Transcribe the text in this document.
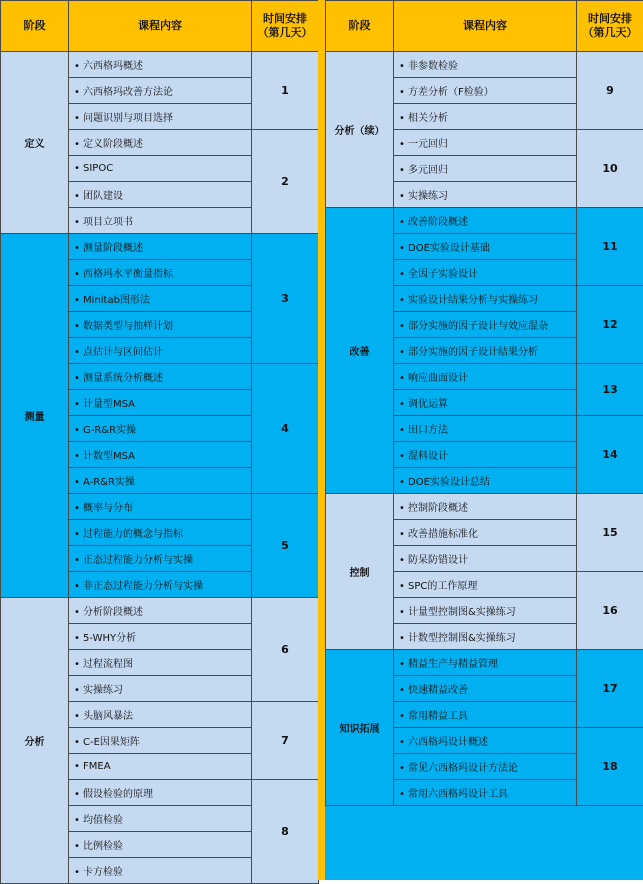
阶段	课程内容	时间安排
（第几天）

定义	• 六西格玛概述	1
	• 六西格玛改善方法论	
	• 问题识别与项目选择	
	• 定义阶段概述	2
	• SIPOC	
	• 团队建设	
	• 项目立项书	
测量	• 测量阶段概述	3
	• 西格玛水平衡量指标	
	• Minitab图形法	
	• 数据类型与抽样计划	
	• 点估计与区间估计	
	• 测量系统分析概述	4
	• 计量型MSA	
	• G-R&R实操	
	• 计数型MSA	
	• A-R&R实操	
	• 概率与分布	5
	• 过程能力的概念与指标	
	• 正态过程能力分析与实操	
	• 非正态过程能力分析与实操	
分析	• 分析阶段概述	6
	• 5-WHY分析	
	• 过程流程图	
	• 实操练习	
	• 头脑风暴法	7
	• C-E因果矩阵	
	• FMEA	
	• 假设检验的原理	8
	• 均值检验	
	• 比例检验	
	• 卡方检验	
阶段	课程内容	时间安排
（第几天）

分析（续）	• 非参数检验	9
	• 方差分析（F检验）	
	• 相关分析	
	• 一元回归	10
	• 多元回归	
	• 实操练习	
改善	• 改善阶段概述	11
	• DOE实验设计基础	
	• 全因子实验设计	
	• 实验设计结果分析与实操练习	12
	• 部分实施的因子设计与效应混杂	
	• 部分实施的因子设计结果分析	
	• 响应曲面设计	13
	• 调优运算	
	• 田口方法	14
	• 混料设计	
	• DOE实验设计总结	
控制	• 控制阶段概述	15
	• 改善措施标准化	
	• 防呆防错设计	
	• SPC的工作原理	16
	• 计量型控制图&实操练习	
	• 计数型控制图&实操练习	
知识拓展	• 精益生产与精益管理	17
	• 快速精益改善	
	• 常用精益工具	
	• 六西格玛设计概述	18
	• 常见六西格玛设计方法论	
	• 常用六西格玛设计工具	
